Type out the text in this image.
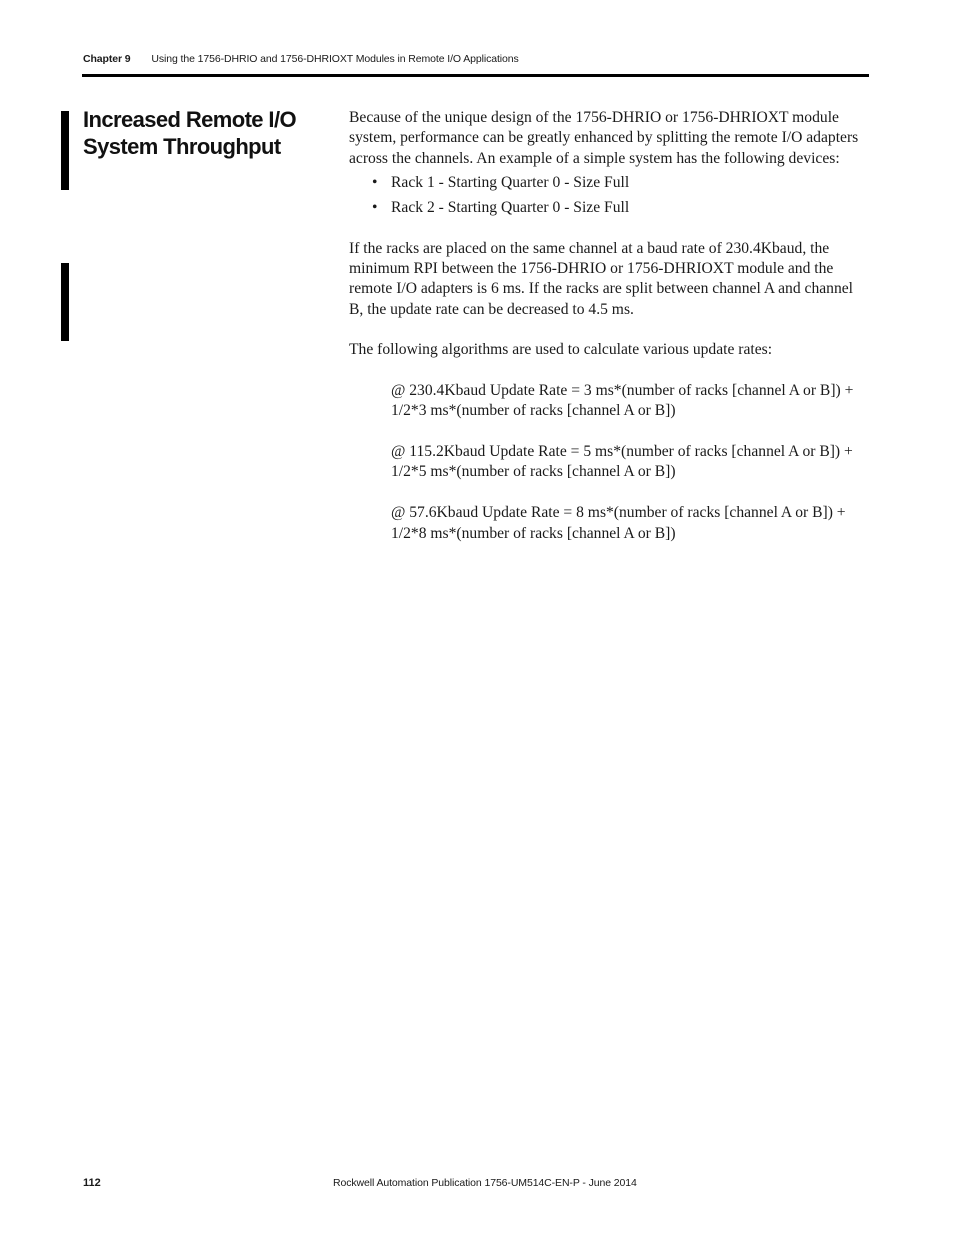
Chapter 9 Using the 1756-DHRIO and 1756-DHRIOXT Modules in Remote I/O Applications
Increased Remote I/O System Throughput

Because of the unique design of the 1756-DHRIO or 1756-DHRIOXT module system, performance can be greatly enhanced by splitting the remote I/O adapters across the channels. An example of a simple system has the following devices:

• Rack 1 - Starting Quarter 0 - Size Full
• Rack 2 - Starting Quarter 0 - Size Full

If the racks are placed on the same channel at a baud rate of 230.4Kbaud, the minimum RPI between the 1756-DHRIO or 1756-DHRIOXT module and the remote I/O adapters is 6 ms. If the racks are split between channel A and channel B, the update rate can be decreased to 4.5 ms.

The following algorithms are used to calculate various update rates:

@ 230.4Kbaud Update Rate = 3 ms*(number of racks [channel A or B]) + 1/2*3 ms*(number of racks [channel A or B])

@ 115.2Kbaud Update Rate = 5 ms*(number of racks [channel A or B]) + 1/2*5 ms*(number of racks [channel A or B])

@ 57.6Kbaud Update Rate = 8 ms*(number of racks [channel A or B]) + 1/2*8 ms*(number of racks [channel A or B])

112	Rockwell Automation Publication 1756-UM514C-EN-P - June 2014
